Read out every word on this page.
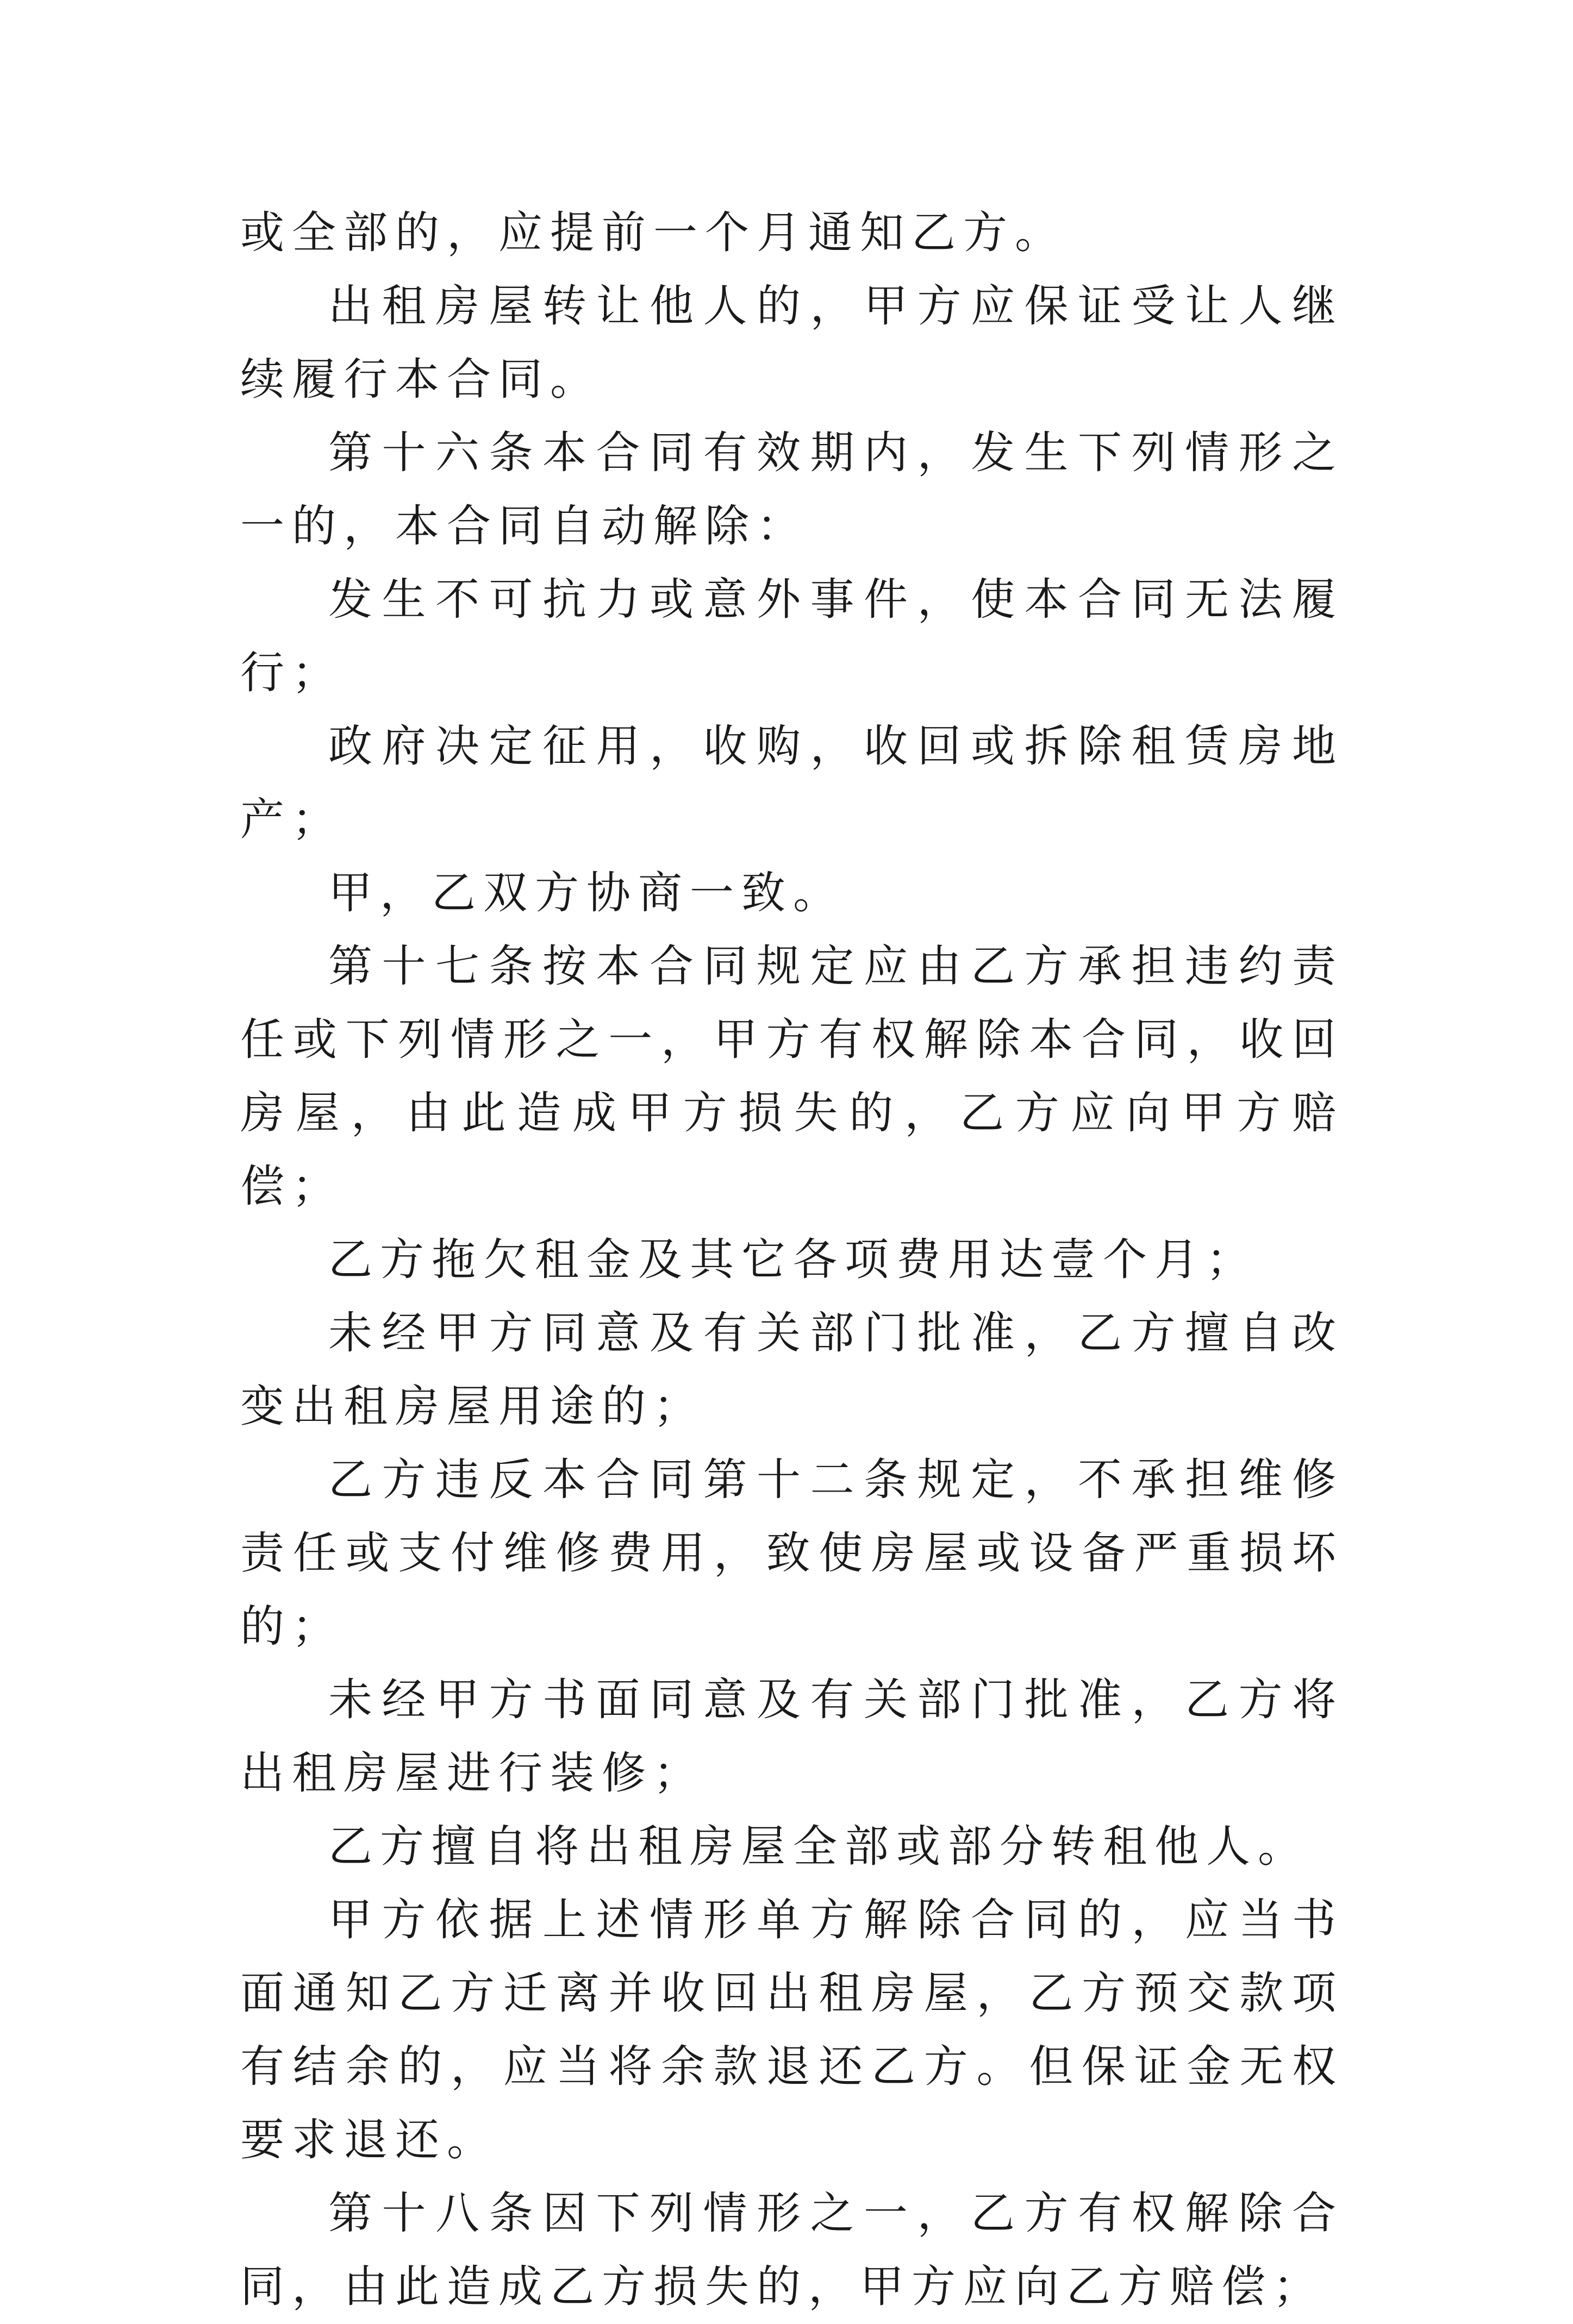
或全部的，应提前一个月通知乙方。

出租房屋转让他人的，甲方应保证受让人继续履行本合同。

第十六条本合同有效期内，发生下列情形之一的，本合同自动解除：

发生不可抗力或意外事件，使本合同无法履行；

政府决定征用，收购，收回或拆除租赁房地产；

甲，乙双方协商一致。

第十七条按本合同规定应由乙方承担违约责任或下列情形之一，甲方有权解除本合同，收回房屋，由此造成甲方损失的，乙方应向甲方赔偿；

乙方拖欠租金及其它各项费用达壹个月；

未经甲方同意及有关部门批准，乙方擅自改变出租房屋用途的；

乙方违反本合同第十二条规定，不承担维修责任或支付维修费用，致使房屋或设备严重损坏的；

未经甲方书面同意及有关部门批准，乙方将出租房屋进行装修；

乙方擅自将出租房屋全部或部分转租他人。

甲方依据上述情形单方解除合同的，应当书面通知乙方迁离并收回出租房屋，乙方预交款项有结余的，应当将余款退还乙方。但保证金无权要求退还。

第十八条因下列情形之一，乙方有权解除合同，由此造成乙方损失的，甲方应向乙方赔偿；
